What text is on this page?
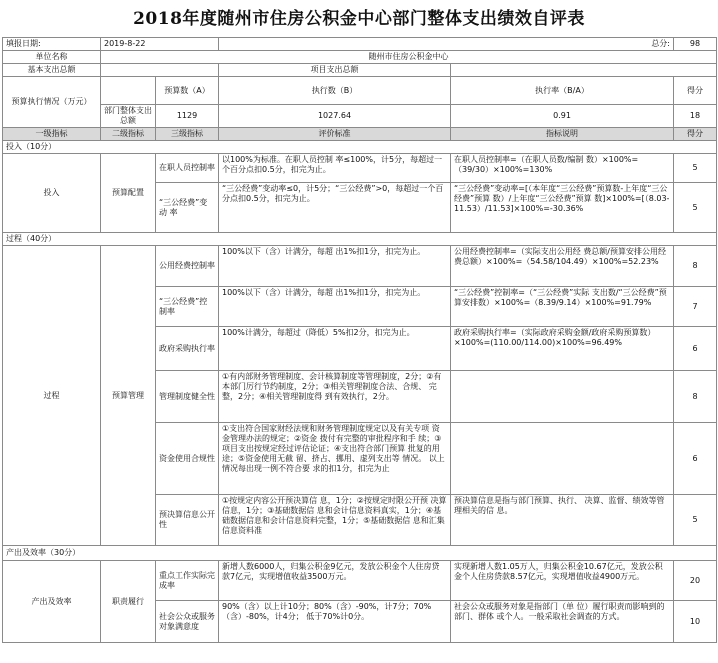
2018年度随州市住房公积金中心部门整体支出绩效自评表
填报日期:	2019-8-22		总分:		98
单位名称	随州市住房公积金中心				
基本支出总额			项目支出总额		
预算执行情况（万元）		预算数（A）	执行数（B）	执行率（B/A）	得分
	部门整体支出总额	1129	1027.64	0.91	18
一级指标	二级指标	三级指标	评价标准	指标说明	得分
投入（10分）					
投入	预算配置	在职人员控制率	以100%为标准。在职人员控制 率≤100%，计5分，每超过一 个百分点扣0.5分，扣完为止。	在职人员控制率=（在职人员数/编制 数）×100%=（39/30）×100%=130%	5
		“三公经费”变动 率	“三公经费”变动率≤0，计5分；“三公经费”>0，每超过一个百 分点扣0.5分，扣完为止。	“三公经费”变动率=[（本年度“三公经费”预算数-上年度“三公经费”预算 数）/上年度“三公经费”预算 数]×100%=[（8.03-11.53）/11.53]×100%=-30.36%	5
过程（40分）					
过程	预算管理	公用经费控制率	100%以下（含）计满分，每超 出1%扣1分，扣完为止。	公用经费控制率=（实际支出公用经 费总额/预算安排公用经费总额）×100%=（54.58/104.49）×100%=52.23%	8
		“三公经费”控制率	100%以下（含）计满分，每超 出1%扣1分，扣完为止。	“三公经费”控制率=（“三公经费”实际 支出数/“三公经费”预算安排数）×100%=（8.39/9.14）×100%=91.79%	7
		政府采购执行率	100%计满分，每超过（降低）5%扣2分，扣完为止。	政府采购执行率=（实际政府采购金额/政府采购预算数）×100%=(110.00/114.00)×100%=96.49%	6
		管理制度健全性	①有内部财务管理制度、会计核算制度等管理制度，2分；②有本部门厉行节约制度，2分；③相关管理制度合法、合规、 完整，2分；④相关管理制度得 到有效执行，2分。		8
		资金使用合规性	①支出符合国家财经法规和财务管理制度规定以及有关专项 资金管理办法的规定；②资金 拨付有完整的审批程序和手 续；③项目支出按规定经过评估论证；④支出符合部门预算 批复的用途；⑤资金使用无截 留、挤占、挪用、虚列支出等 情况。 以上情况每出现一例不符合要 求的扣1分，扣完为止		6
		预决算信息公开性	①按规定内容公开预决算信 息，1分；②按规定时限公开预 决算信息，1分；③基础数据信 息和会计信息资料真实，1分；④基础数据信息和会计信息资料完整，1分；⑤基础数据信 息和汇集信息资料准	预决算信息是指与部门预算、执行、 决算、监督、绩效等管理相关的信 息。	5
产出及效率（30分）					
产出及效率	职责履行	重点工作实际完成率	新增人数6000人，归集公积金9亿元，发放公积金个人住房贷款7亿元，实现增值收益3500万元。	实现新增人数1.05万人，归集公积金10.67亿元，发放公积金个人住房贷款8.57亿元，实现增值收益4900万元。	20
		社会公众或服务对象满意度	90%（含）以上计10分；80%（含）-90%，计7分；70%（含）-80%，计4分； 低于70%计0分。	社会公众或服务对象是指部门（单 位）履行职责而影响到的部门、群体 或个人。一般采取社会调查的方式。	10
